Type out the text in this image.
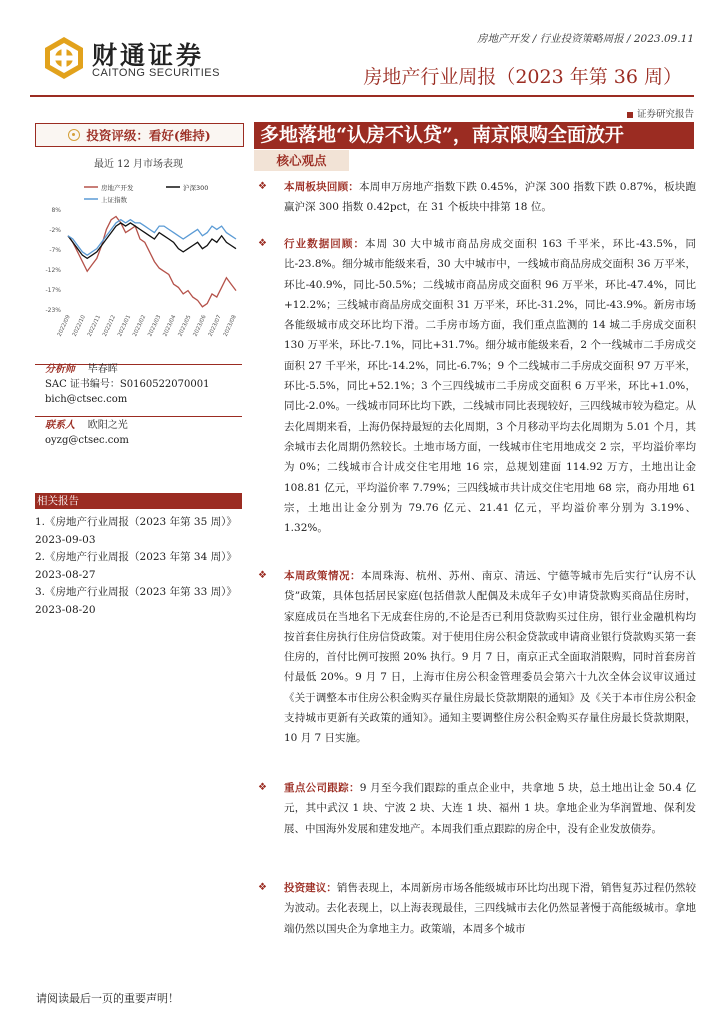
财通证券
CAITONG SECURITIES
房地产开发 / 行业投资策略周报 / 2023.09.11
房地产行业周报（2023 年第 36 周）
证券研究报告
投资评级：看好(维持)
最近 12 月市场表现
房地产开发	沪深300
上证指数
8%
-2%
-7%
-12%
-17%
-23%
2022/09 2022/10 2022/11 2022/12 2023/01 2023/02 2023/03 2023/04 2023/05 2023/06 2023/07 2023/08
分析师 毕春晖
SAC 证书编号：S0160522070001
bich@ctsec.com
联系人 欧阳之光
oyzg@ctsec.com
相关报告
1.《房地产行业周报（2023 年第 35 周）》
2023-09-03
2.《房地产行业周报（2023 年第 34 周）》
2023-08-27
3.《房地产行业周报（2023 年第 33 周）》
2023-08-20
多地落地“认房不认贷”，南京限购全面放开
核心观点
❖	本周板块回顾：本周申万房地产指数下跌 0.45%，沪深 300 指数下跌 0.87%，板块跑赢沪深 300 指数 0.42pct，在 31 个板块中排第 18 位。
❖	行业数据回顾：本周 30 大中城市商品房成交面积 163 千平米，环比-43.5%，同比-23.8%。细分城市能级来看，30 大中城市中，一线城市商品房成交面积 36 万平米，环比-40.9%，同比-50.5%；二线城市商品房成交面积 96 万平米，环比-47.4%，同比+12.2%；三线城市商品房成交面积 31 万平米，环比-31.2%，同比-43.9%。新房市场各能级城市成交环比均下滑。二手房市场方面，我们重点监测的 14 城二手房成交面积 130 万平米，环比-7.1%，同比+31.7%。细分城市能级来看，2 个一线城市二手房成交面积 27 千平米，环比-14.2%，同比-6.7%；9 个二线城市二手房成交面积 97 万平米，环比-5.5%，同比+52.1%；3 个三四线城市二手房成交面积 6 万平米，环比+1.0%，同比-2.0%。一线城市同环比均下跌，二线城市同比表现较好，三四线城市较为稳定。从去化周期来看，上海仍保持最短的去化周期，3 个月移动平均去化周期为 5.01 个月，其余城市去化周期仍然较长。土地市场方面，一线城市住宅用地成交 2 宗，平均溢价率均为 0%；二线城市合计成交住宅用地 16 宗，总规划建面 114.92 万方，土地出让金 108.81 亿元，平均溢价率 7.79%；三四线城市共计成交住宅用地 68 宗，商办用地 61 宗，土地出让金分别为 79.76 亿元、21.41 亿元，平均溢价率分别为 3.19%、1.32%。
❖	本周政策情况：本周珠海、杭州、苏州、南京、清远、宁德等城市先后实行“认房不认贷”政策，具体包括居民家庭(包括借款人配偶及未成年子女)申请贷款购买商品住房时，家庭成员在当地名下无成套住房的,不论是否已利用贷款购买过住房，银行业金融机构均按首套住房执行住房信贷政策。对于使用住房公积金贷款或申请商业银行贷款购买第一套住房的，首付比例可按照 20% 执行。9 月 7 日，南京正式全面取消限购，同时首套房首付最低 20%。9 月 7 日，上海市住房公积金管理委员会第六十九次全体会议审议通过《关于调整本市住房公积金购买存量住房最长贷款期限的通知》及《关于本市住房公积金支持城市更新有关政策的通知》。通知主要调整住房公积金购买存量住房最长贷款期限，10 月 7 日实施。
❖	重点公司跟踪：9 月至今我们跟踪的重点企业中，共拿地 5 块，总土地出让金 50.4 亿元，其中武汉 1 块、宁波 2 块、大连 1 块、福州 1 块。拿地企业为华润置地、保利发展、中国海外发展和建发地产。本周我们重点跟踪的房企中，没有企业发放债券。
❖	投资建议：销售表现上，本周新房市场各能级城市环比均出现下滑，销售复苏过程仍然较为波动。去化表现上，以上海表现最佳，三四线城市去化仍然显著慢于高能级城市。拿地端仍然以国央企为拿地主力。政策端，本周多个城市
请阅读最后一页的重要声明！
